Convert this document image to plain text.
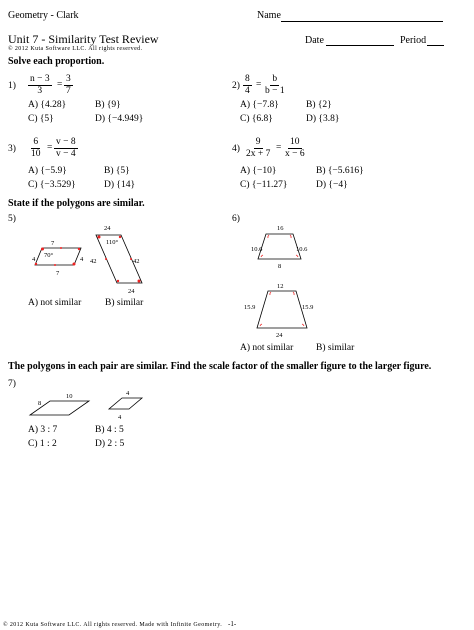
Geometry - Clark	Name
Unit 7 - Similarity Test Review	Date	Period
© 2012 Kuta Software LLC. All rights reserved.
Solve each proportion.
$1) \frac{n - 3}{3} = \frac{3}{7}$
A) {4.28}	B) {9}
C) {5}	D) {−4.949}
$2) \frac{8}{4} = \frac{b}{b - 1}$
A) {−7.8}	B) {2}
C) {6.8}	D) {3.8}
$3) \frac{6}{10} = \frac{v - 8}{v - 4}$
A) {−5.9}	B) {5}
C) {−3.529}	D) {14}
$4) \frac{9}{2x + 7} = \frac{10}{x - 6}$
A) {−10}	B) {−5.616}
C) {−11.27}	D) {−4}
State if the polygons are similar.
5)
7
70°
4	4
7
24
110°
42	42
24
A) not similar B) similar
6)
16
10.6	10.6
8
12
15.9	15.9
24
A) not similar B) similar
The polygons in each pair are similar. Find the scale factor of the smaller figure to the larger figure.
7)
10
8
4
4
A) 3 : 7	B) 4 : 5
C) 1 : 2	D) 2 : 5
© 2012 Kuta Software LLC. All rights reserved. Made with Infinite Geometry. -1-
